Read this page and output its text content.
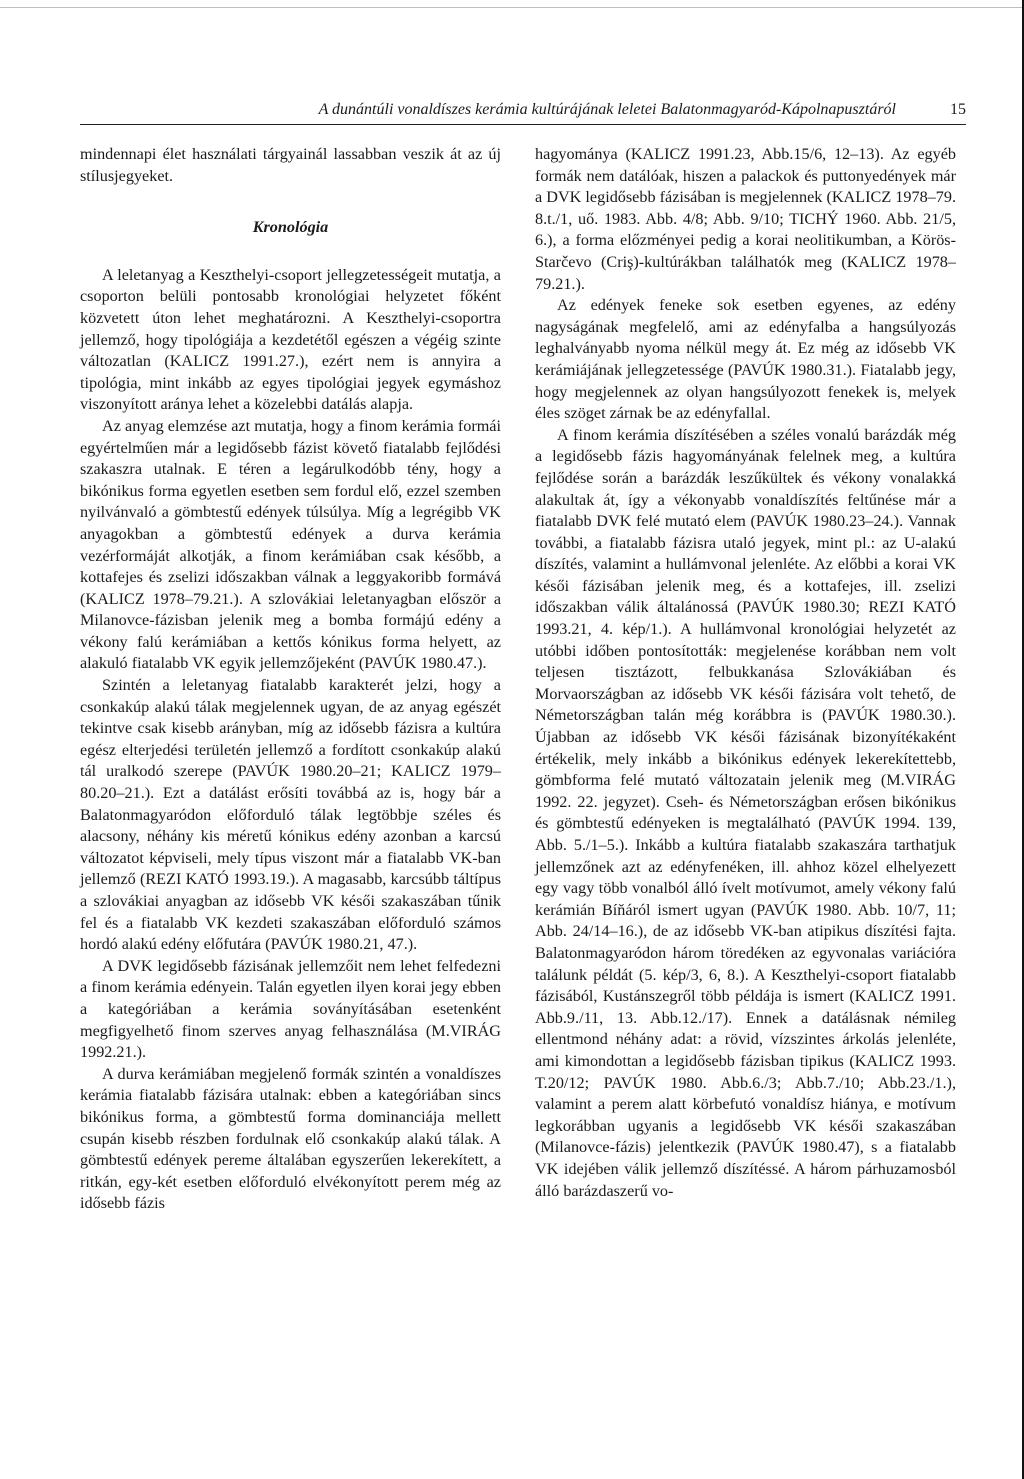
A dunántúli vonaldíszes kerámia kultúrájának leletei Balatonmagyaród-Kápolnapusztáról	15

mindennapi élet használati tárgyainál lassabban veszik át az új stílusjegyeket.

Kronológia

A leletanyag a Keszthelyi-csoport jellegzetességeit mutatja, a csoporton belüli pontosabb kronológiai helyzetet főként közvetett úton lehet meghatározni. A Keszthelyi-csoportra jellemző, hogy tipológiája a kezdetétől egészen a végéig szinte változatlan (KALICZ 1991.27.), ezért nem is annyira a tipológia, mint inkább az egyes tipológiai jegyek egymáshoz viszonyított aránya lehet a közelebbi datálás alapja.

Az anyag elemzése azt mutatja, hogy a finom kerámia formái egyértelműen már a legidősebb fázist követő fiatalabb fejlődési szakaszra utalnak. E téren a legárulkodóbb tény, hogy a bikónikus forma egyetlen esetben sem fordul elő, ezzel szemben nyilvánvaló a gömbtestű edények túlsúlya. Míg a legrégibb VK anyagokban a gömbtestű edények a durva kerámia vezérformáját alkotják, a finom kerámiában csak később, a kottafejes és zselizi időszakban válnak a leggyakoribb formává (KALICZ 1978–79.21.). A szlovákiai leletanyagban először a Milanovce-fázisban jelenik meg a bomba formájú edény a vékony falú kerámiában a kettős kónikus forma helyett, az alakuló fiatalabb VK egyik jellemzőjeként (PAVÚK 1980.47.).

Szintén a leletanyag fiatalabb karakterét jelzi, hogy a csonkakúp alakú tálak megjelennek ugyan, de az anyag egészét tekintve csak kisebb arányban, míg az idősebb fázisra a kultúra egész elterjedési területén jellemző a fordított csonkakúp alakú tál uralkodó szerepe (PAVÚK 1980.20–21; KALICZ 1979–80.20–21.). Ezt a datálást erősíti továbbá az is, hogy bár a Balatonmagyaródon előforduló tálak legtöbbje széles és alacsony, néhány kis méretű kónikus edény azonban a karcsú változatot képviseli, mely típus viszont már a fiatalabb VK-ban jellemző (REZI KATÓ 1993.19.). A magasabb, karcsúbb táltípus a szlovákiai anyagban az idősebb VK késői szakaszában tűnik fel és a fiatalabb VK kezdeti szakaszában előforduló számos hordó alakú edény előfutára (PAVÚK 1980.21, 47.).

A DVK legidősebb fázisának jellemzőit nem lehet felfedezni a finom kerámia edényein. Talán egyetlen ilyen korai jegy ebben a kategóriában a kerámia soványításában esetenként megfigyelhető finom szerves anyag felhasználása (M.VIRÁG 1992.21.).

A durva kerámiában megjelenő formák szintén a vonaldíszes kerámia fiatalabb fázisára utalnak: ebben a kategóriában sincs bikónikus forma, a gömbtestű forma dominanciája mellett csupán kisebb részben fordulnak elő csonkakúp alakú tálak. A gömbtestű edények pereme általában egyszerűen lekerekített, a ritkán, egy-két esetben előforduló elvékonyított perem még az idősebb fázis

hagyománya (KALICZ 1991.23, Abb.15/6, 12–13). Az egyéb formák nem datálóak, hiszen a palackok és puttonyedények már a DVK legidősebb fázisában is megjelennek (KALICZ 1978–79. 8.t./1, uő. 1983. Abb. 4/8; Abb. 9/10; TICHÝ 1960. Abb. 21/5, 6.), a forma előzményei pedig a korai neolitikumban, a Körös-Starčevo (Criş)-kultúrákban találhatók meg (KALICZ 1978–79.21.).

Az edények feneke sok esetben egyenes, az edény nagyságának megfelelő, ami az edényfalba a hangsúlyozás leghalványabb nyoma nélkül megy át. Ez még az idősebb VK kerámiájának jellegzetessége (PAVÚK 1980.31.). Fiatalabb jegy, hogy megjelennek az olyan hangsúlyozott fenekek is, melyek éles szöget zárnak be az edényfallal.

A finom kerámia díszítésében a széles vonalú barázdák még a legidősebb fázis hagyományának felelnek meg, a kultúra fejlődése során a barázdák leszűkültek és vékony vonalakká alakultak át, így a vékonyabb vonaldíszítés feltűnése már a fiatalabb DVK felé mutató elem (PAVÚK 1980.23–24.). Vannak további, a fiatalabb fázisra utaló jegyek, mint pl.: az U-alakú díszítés, valamint a hullámvonal jelenléte. Az előbbi a korai VK késői fázisában jelenik meg, és a kottafejes, ill. zselizi időszakban válik általánossá (PAVÚK 1980.30; REZI KATÓ 1993.21, 4. kép/1.). A hullámvonal kronológiai helyzetét az utóbbi időben pontosították: megjelenése korábban nem volt teljesen tisztázott, felbukkanása Szlovákiában és Morvaországban az idősebb VK késői fázisára volt tehető, de Németországban talán még korábbra is (PAVÚK 1980.30.). Újabban az idősebb VK késői fázisának bizonyítékaként értékelik, mely inkább a bikónikus edények lekerekítettebb, gömbforma felé mutató változatain jelenik meg (M.VIRÁG 1992. 22. jegyzet). Cseh- és Németországban erősen bikónikus és gömbtestű edényeken is megtalálható (PAVÚK 1994. 139, Abb. 5./1–5.). Inkább a kultúra fiatalabb szakaszára tarthatjuk jellemzőnek azt az edényfenéken, ill. ahhoz közel elhelyezett egy vagy több vonalból álló ívelt motívumot, amely vékony falú kerámián Bíňáról ismert ugyan (PAVÚK 1980. Abb. 10/7, 11; Abb. 24/14–16.), de az idősebb VK-ban atipikus díszítési fajta. Balatonmagyaródon három töredéken az egyvonalas variációra találunk példát (5. kép/3, 6, 8.). A Keszthelyi-csoport fiatalabb fázisából, Kustánszegről több példája is ismert (KALICZ 1991. Abb.9./11, 13. Abb.12./17). Ennek a datálásnak némileg ellentmond néhány adat: a rövid, vízszintes árkolás jelenléte, ami kimondottan a legidősebb fázisban tipikus (KALICZ 1993. T.20/12; PAVÚK 1980. Abb.6./3; Abb.7./10; Abb.23./1.), valamint a perem alatt körbefutó vonaldísz hiánya, e motívum legkorábban ugyanis a legidősebb VK késői szakaszában (Milanovce-fázis) jelentkezik (PAVÚK 1980.47), s a fiatalabb VK idejében válik jellemző díszítéssé. A három párhuzamosból álló barázdaszerű vo-
